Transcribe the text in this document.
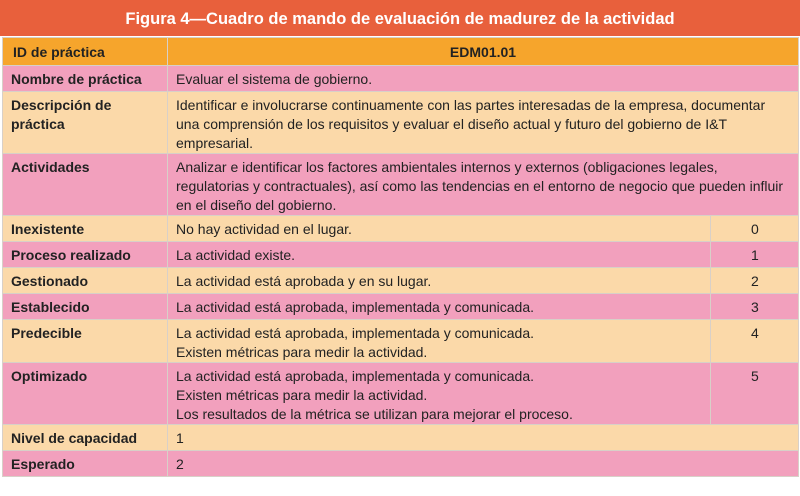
Figura 4—Cuadro de mando de evaluación de madurez de la actividad
ID de práctica	EDM01.01	

Nombre de práctica	Evaluar el sistema de gobierno.	

Descripción de práctica	Identificar e involucrarse continuamente con las partes interesadas de la empresa, documentar una comprensión de los requisitos y evaluar el diseño actual y futuro del gobierno de I&T empresarial.	

Actividades	Analizar e identificar los factores ambientales internos y externos (obligaciones legales, regulatorias y contractuales), así como las tendencias en el entorno de negocio que pueden influir en el diseño del gobierno.	

Inexistente	No hay actividad en el lugar.	0

Proceso realizado	La actividad existe.	1

Gestionado	La actividad está aprobada y en su lugar.	2

Establecido	La actividad está aprobada, implementada y comunicada.	3

Predecible	La actividad está aprobada, implementada y comunicada.
Existen métricas para medir la actividad.	4

Optimizado	La actividad está aprobada, implementada y comunicada.
Existen métricas para medir la actividad.
Los resultados de la métrica se utilizan para mejorar el proceso.	5

Nivel de capacidad	1	

Esperado	2	
